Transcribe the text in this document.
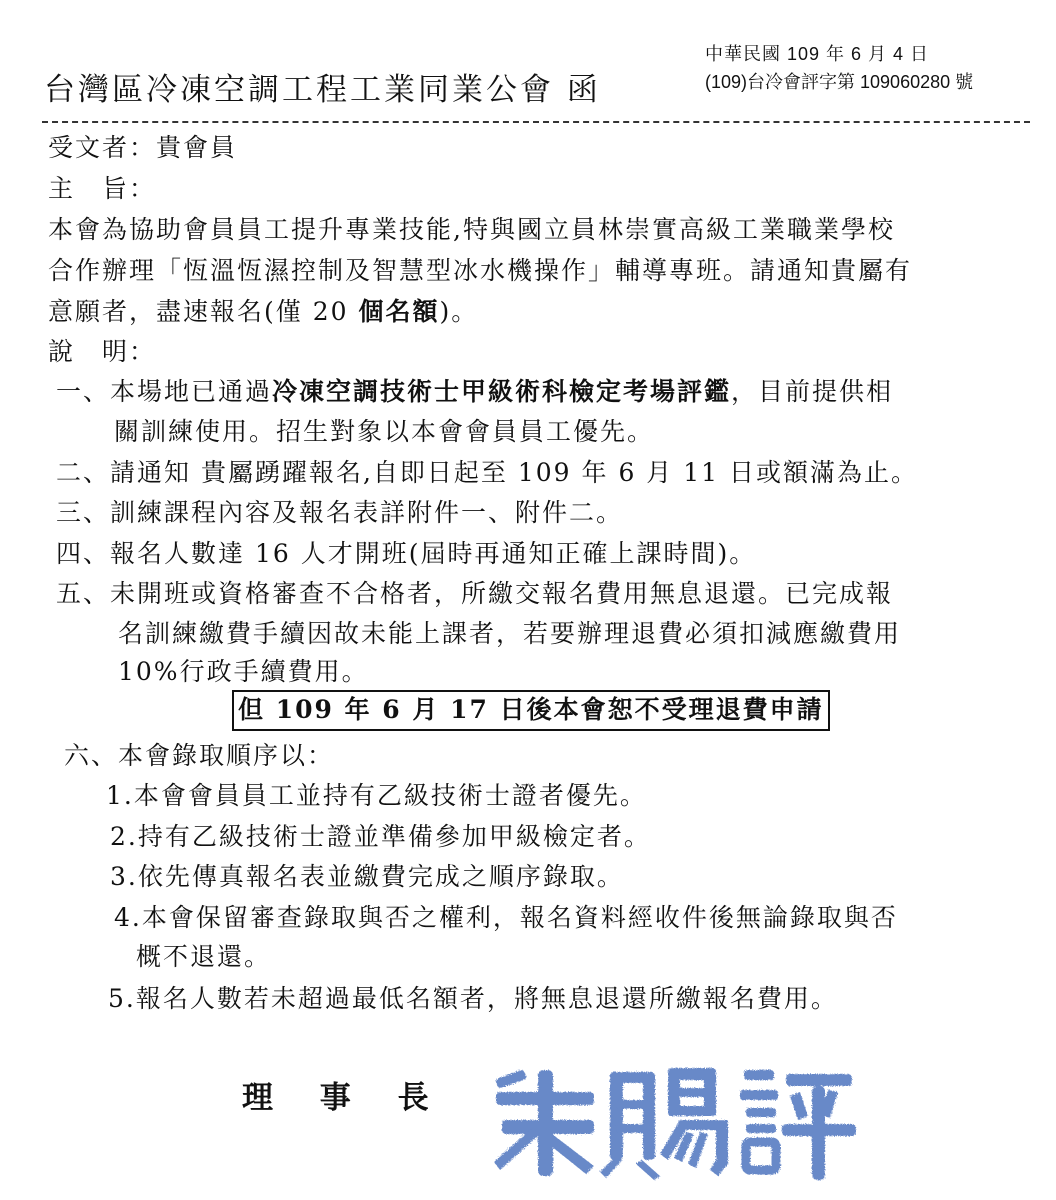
台灣區冷凍空調工程工業同業公會 函
中華民國 109 年 6 月 4 日
(109)台冷會評字第 109060280 號
受文者：貴會員
主　旨：
本會為協助會員員工提升專業技能,特與國立員林崇實高級工業職業學校
合作辦理「恆溫恆濕控制及智慧型冰水機操作」輔導專班。請通知貴屬有
意願者，盡速報名(僅 20 個名額)。
說　明：
一、本場地已通過冷凍空調技術士甲級術科檢定考場評鑑，目前提供相
關訓練使用。招生對象以本會會員員工優先。
二、請通知 貴屬踴躍報名,自即日起至 109 年 6 月 11 日或額滿為止。
三、訓練課程內容及報名表詳附件一、附件二。
四、報名人數達 16 人才開班(屆時再通知正確上課時間)。
五、未開班或資格審查不合格者，所繳交報名費用無息退還。已完成報
名訓練繳費手續因故未能上課者，若要辦理退費必須扣減應繳費用
10%行政手續費用。
但 109 年 6 月 17 日後本會恕不受理退費申請
六、本會錄取順序以：
1.本會會員員工並持有乙級技術士證者優先。
2.持有乙級技術士證並準備參加甲級檢定者。
3.依先傳真報名表並繳費完成之順序錄取。
4.本會保留審查錄取與否之權利，報名資料經收件後無論錄取與否
概不退還。
5.報名人數若未超過最低名額者，將無息退還所繳報名費用。
理 事 長
